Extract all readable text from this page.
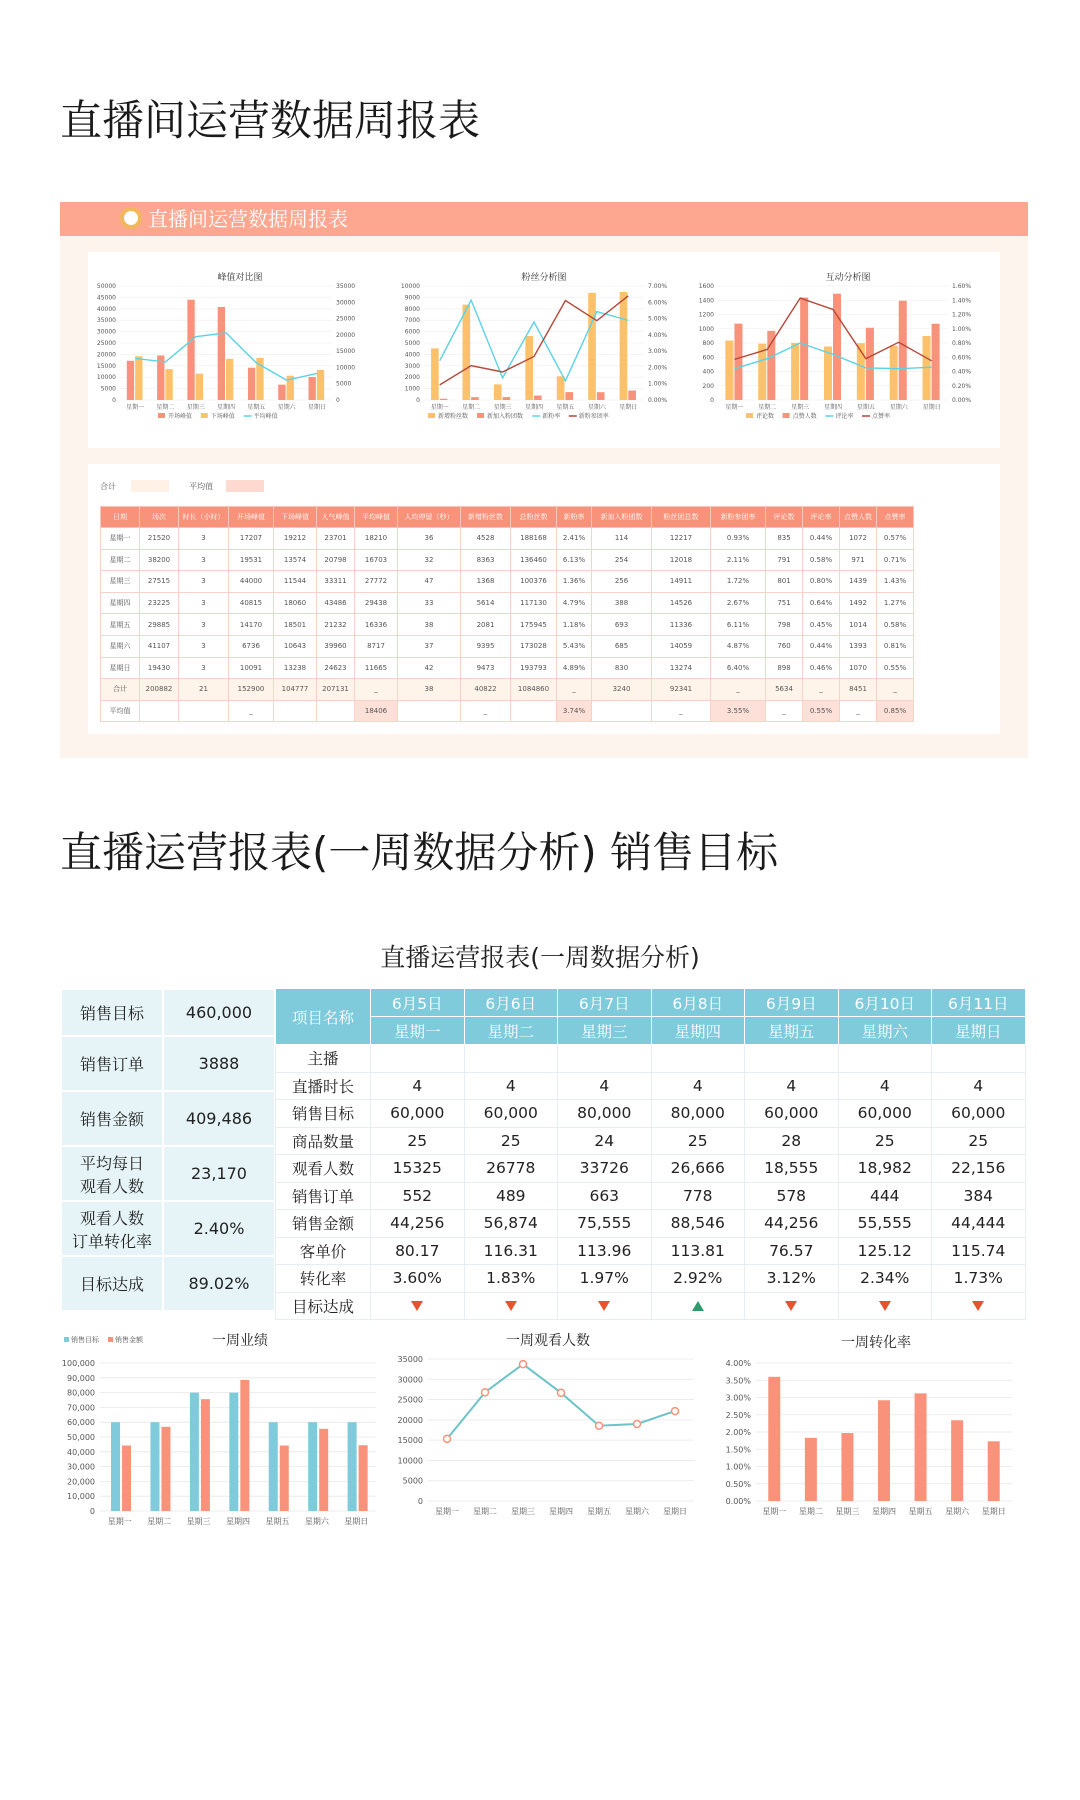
直播间运营数据周报表
直播间运营数据周报表
峰值对比图
50000
45000
40000
35000
30000
25000
20000
15000
10000
5000
0
35000
30000
25000
20000
15000
10000
5000
0
星期一 星期二 星期三 星期四 星期五 星期六 星期日
开场峰值	下场峰值	平均峰值
粉丝分析图
10000
9000
8000
7000
6000
5000
4000
3000
2000
1000
0
7.00%
6.00%
5.00%
4.00%
3.00%
2.00%
1.00%
0.00%
星期一 星期二 星期三 星期四 星期五 星期六 星期日
新增粉丝数	新加入粉团数	新粉率	新粉参团率
互动分析图
1600
1400
1200
1000
800
600
400
200
0
1.60%
1.40%
1.20%
1.00%
0.80%
0.60%
0.40%
0.20%
0.00%
星期一 星期二 星期三 星期四 星期五 星期六 星期日
评论数	点赞人数	评论率	点赞率
合计	平均值
日期	场次	时长（小时）	开场峰值	下场峰值	人气峰值	平均峰值	人均停留（秒）	新增粉丝数	总粉丝数	新粉率	新加入粉团数	粉丝团总数	新粉参团率	评论数	评论率	点赞人数	点赞率
星期一	21520	3	17207	19212	23701	18210	36	4528	188168	2.41%	114	12217	0.93%	835	0.44%	1072	0.57%
星期二	38200	3	19531	13574	20798	16703	32	8363	136460	6.13%	254	12018	2.11%	791	0.58%	971	0.71%
星期三	27515	3	44000	11544	33311	27772	47	1368	100376	1.36%	256	14911	1.72%	801	0.80%	1439	1.43%
星期四	23225	3	40815	18060	43486	29438	33	5614	117130	4.79%	388	14526	2.67%	751	0.64%	1492	1.27%
星期五	29885	3	14170	18501	21232	16336	38	2081	175945	1.18%	693	11336	6.11%	798	0.45%	1014	0.58%
星期六	41107	3	6736	10643	39960	8717	37	9395	173028	5.43%	685	14059	4.87%	760	0.44%	1393	0.81%
星期日	19430	3	10091	13238	24623	11665	42	9473	193793	4.89%	830	13274	6.40%	898	0.46%	1070	0.55%
合计	200882	21	152900	104777	207131	_	38	40822	1084860	_	3240	92341	_	5634	_	8451	_
平均值			_			18406		_		3.74%		_	3.55%	_	0.55%	_	0.85%
直播运营报表(一周数据分析) 销售目标
直播运营报表(一周数据分析)
销售目标	460,000

销售订单	3888

销售金额	409,486

平均每日
观看人数	23,170

观看人数
订单转化率	2.40%

目标达成	89.02%
项目名称	6月5日	6月6日	6月7日	6月8日	6月9日	6月10日	6月11日
	星期一	星期二	星期三	星期四	星期五	星期六	星期日
主播							
直播时长	4	4	4	4	4	4	4
销售目标	60,000	60,000	80,000	80,000	60,000	60,000	60,000
商品数量	25	25	24	25	28	25	25
观看人数	15325	26778	33726	26,666	18,555	18,982	22,156
销售订单	552	489	663	778	578	444	384
销售金额	44,256	56,874	75,555	88,546	44,256	55,555	44,444
客单价	80.17	116.31	113.96	113.81	76.57	125.12	115.74
转化率	3.60%	1.83%	1.97%	2.92%	3.12%	2.34%	1.73%
目标达成							
一周业绩
100,000
90,000
80,000
70,000
60,000
50,000
40,000
30,000
20,000
10,000
0
星期一 星期二 星期三 星期四 星期五 星期六 星期日
销售目标 销售金额	一周观看人数
35000
30000
25000
20000
15000
10000
5000
0
星期一 星期二 星期三 星期四 星期五 星期六 星期日
一周转化率
4.00%
3.50%
3.00%
2.50%
2.00%
1.50%
1.00%
0.50%
0.00%
星期一 星期二 星期三 星期四 星期五 星期六 星期日
